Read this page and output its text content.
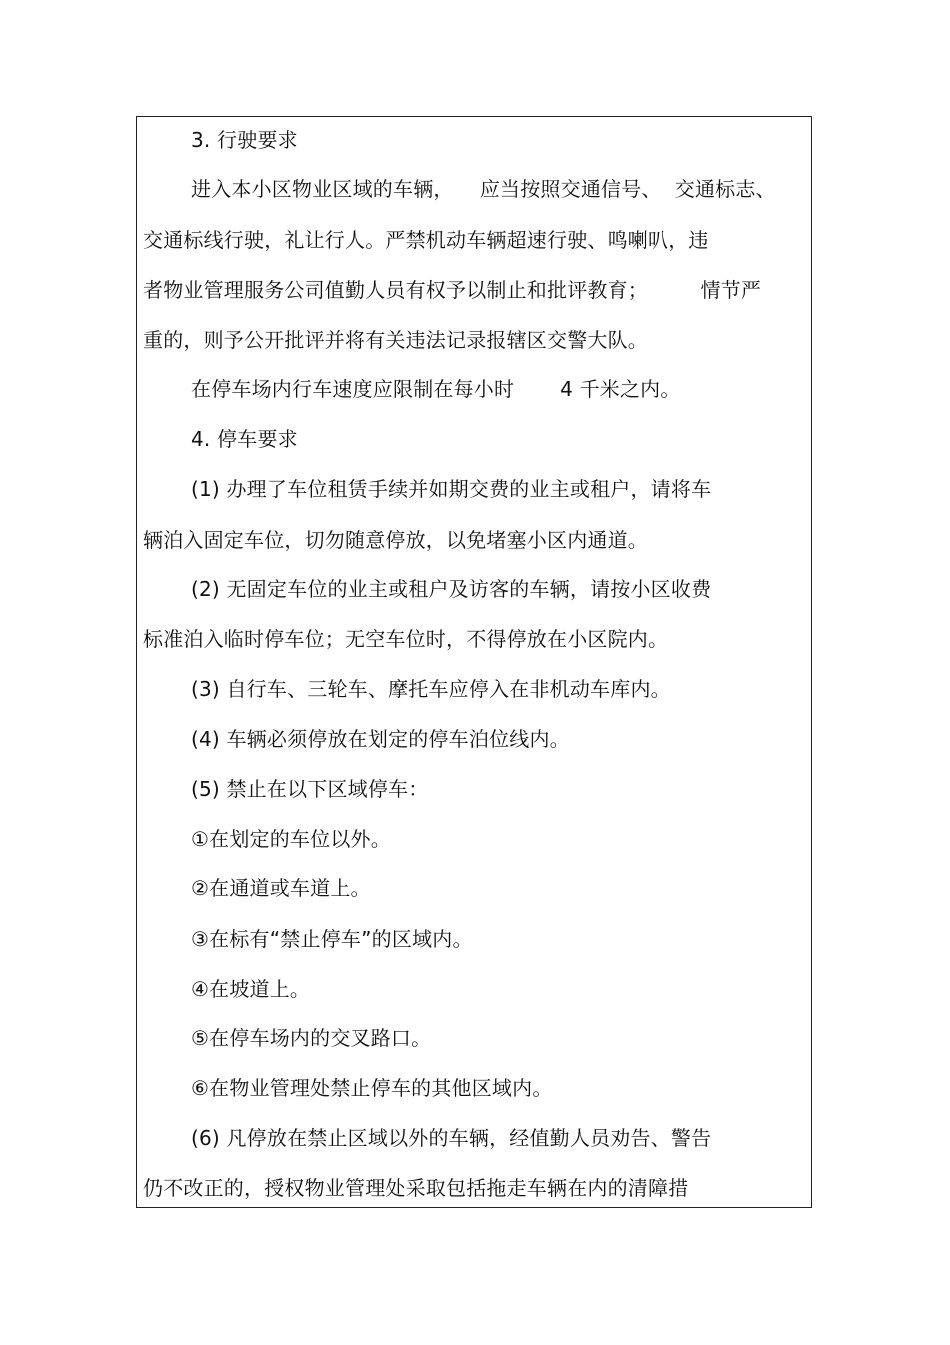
3. 行驶要求
进入本小区物业区域的车辆，    应当按照交通信号、  交通标志、
交通标线行驶，礼让行人。严禁机动车辆超速行驶、鸣喇叭，违
者物业管理服务公司值勤人员有权予以制止和批评教育；        情节严
重的，则予公开批评并将有关违法记录报辖区交警大队。
在停车场内行车速度应限制在每小时       4 千米之内。
4. 停车要求
(1) 办理了车位租赁手续并如期交费的业主或租户，请将车
辆泊入固定车位，切勿随意停放，以免堵塞小区内通道。
(2) 无固定车位的业主或租户及访客的车辆，请按小区收费
标准泊入临时停车位；无空车位时，不得停放在小区院内。
(3) 自行车、三轮车、摩托车应停入在非机动车库内。
(4) 车辆必须停放在划定的停车泊位线内。
(5) 禁止在以下区域停车：
①在划定的车位以外。
②在通道或车道上。
③在标有“禁止停车”的区域内。
④在坡道上。
⑤在停车场内的交叉路口。
⑥在物业管理处禁止停车的其他区域内。
(6) 凡停放在禁止区域以外的车辆，经值勤人员劝告、警告
仍不改正的，授权物业管理处采取包括拖走车辆在内的清障措
